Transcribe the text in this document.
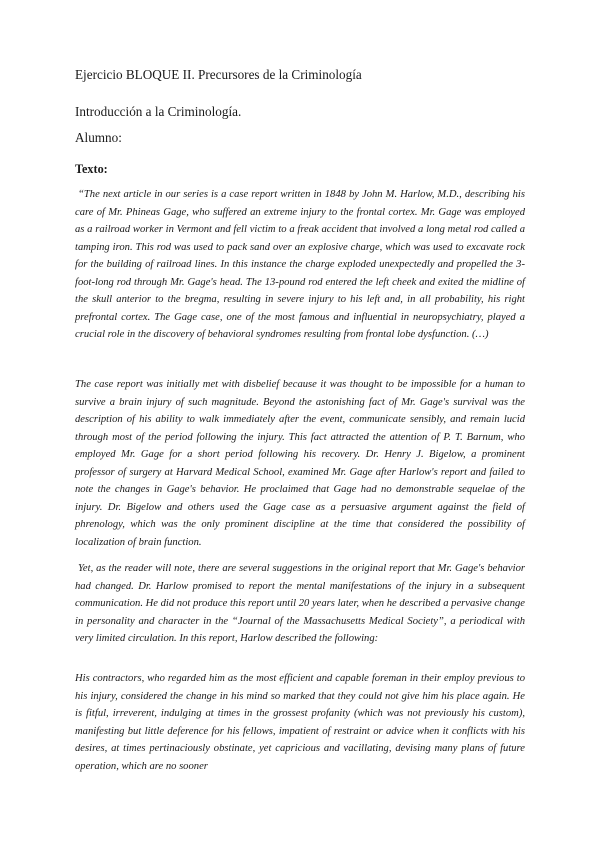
Ejercicio BLOQUE II. Precursores de la Criminología
Introducción a la Criminología.
Alumno:
Texto:

“The next article in our series is a case report written in 1848 by John M. Harlow, M.D., describing his care of Mr. Phineas Gage, who suffered an extreme injury to the frontal cortex. Mr. Gage was employed as a railroad worker in Vermont and fell victim to a freak accident that involved a long metal rod called a tamping iron. This rod was used to pack sand over an explosive charge, which was used to excavate rock for the building of railroad lines. In this instance the charge exploded unexpectedly and propelled the 3-foot-long rod through Mr. Gage's head. The 13-pound rod entered the left cheek and exited the midline of the skull anterior to the bregma, resulting in severe injury to his left and, in all probability, his right prefrontal cortex. The Gage case, one of the most famous and influential in neuropsychiatry, played a crucial role in the discovery of behavioral syndromes resulting from frontal lobe dysfunction. (…)

The case report was initially met with disbelief because it was thought to be impossible for a human to survive a brain injury of such magnitude. Beyond the astonishing fact of Mr. Gage's survival was the description of his ability to walk immediately after the event, communicate sensibly, and remain lucid through most of the period following the injury. This fact attracted the attention of P. T. Barnum, who employed Mr. Gage for a short period following his recovery. Dr. Henry J. Bigelow, a prominent professor of surgery at Harvard Medical School, examined Mr. Gage after Harlow's report and failed to note the changes in Gage's behavior. He proclaimed that Gage had no demonstrable sequelae of the injury. Dr. Bigelow and others used the Gage case as a persuasive argument against the field of phrenology, which was the only prominent discipline at the time that considered the possibility of localization of brain function.

Yet, as the reader will note, there are several suggestions in the original report that Mr. Gage's behavior had changed. Dr. Harlow promised to report the mental manifestations of the injury in a subsequent communication. He did not produce this report until 20 years later, when he described a pervasive change in personality and character in the “Journal of the Massachusetts Medical Society”, a periodical with very limited circulation. In this report, Harlow described the following:

His contractors, who regarded him as the most efficient and capable foreman in their employ previous to his injury, considered the change in his mind so marked that they could not give him his place again. He is fitful, irreverent, indulging at times in the grossest profanity (which was not previously his custom), manifesting but little deference for his fellows, impatient of restraint or advice when it conflicts with his desires, at times pertinaciously obstinate, yet capricious and vacillating, devising many plans of future operation, which are no sooner
